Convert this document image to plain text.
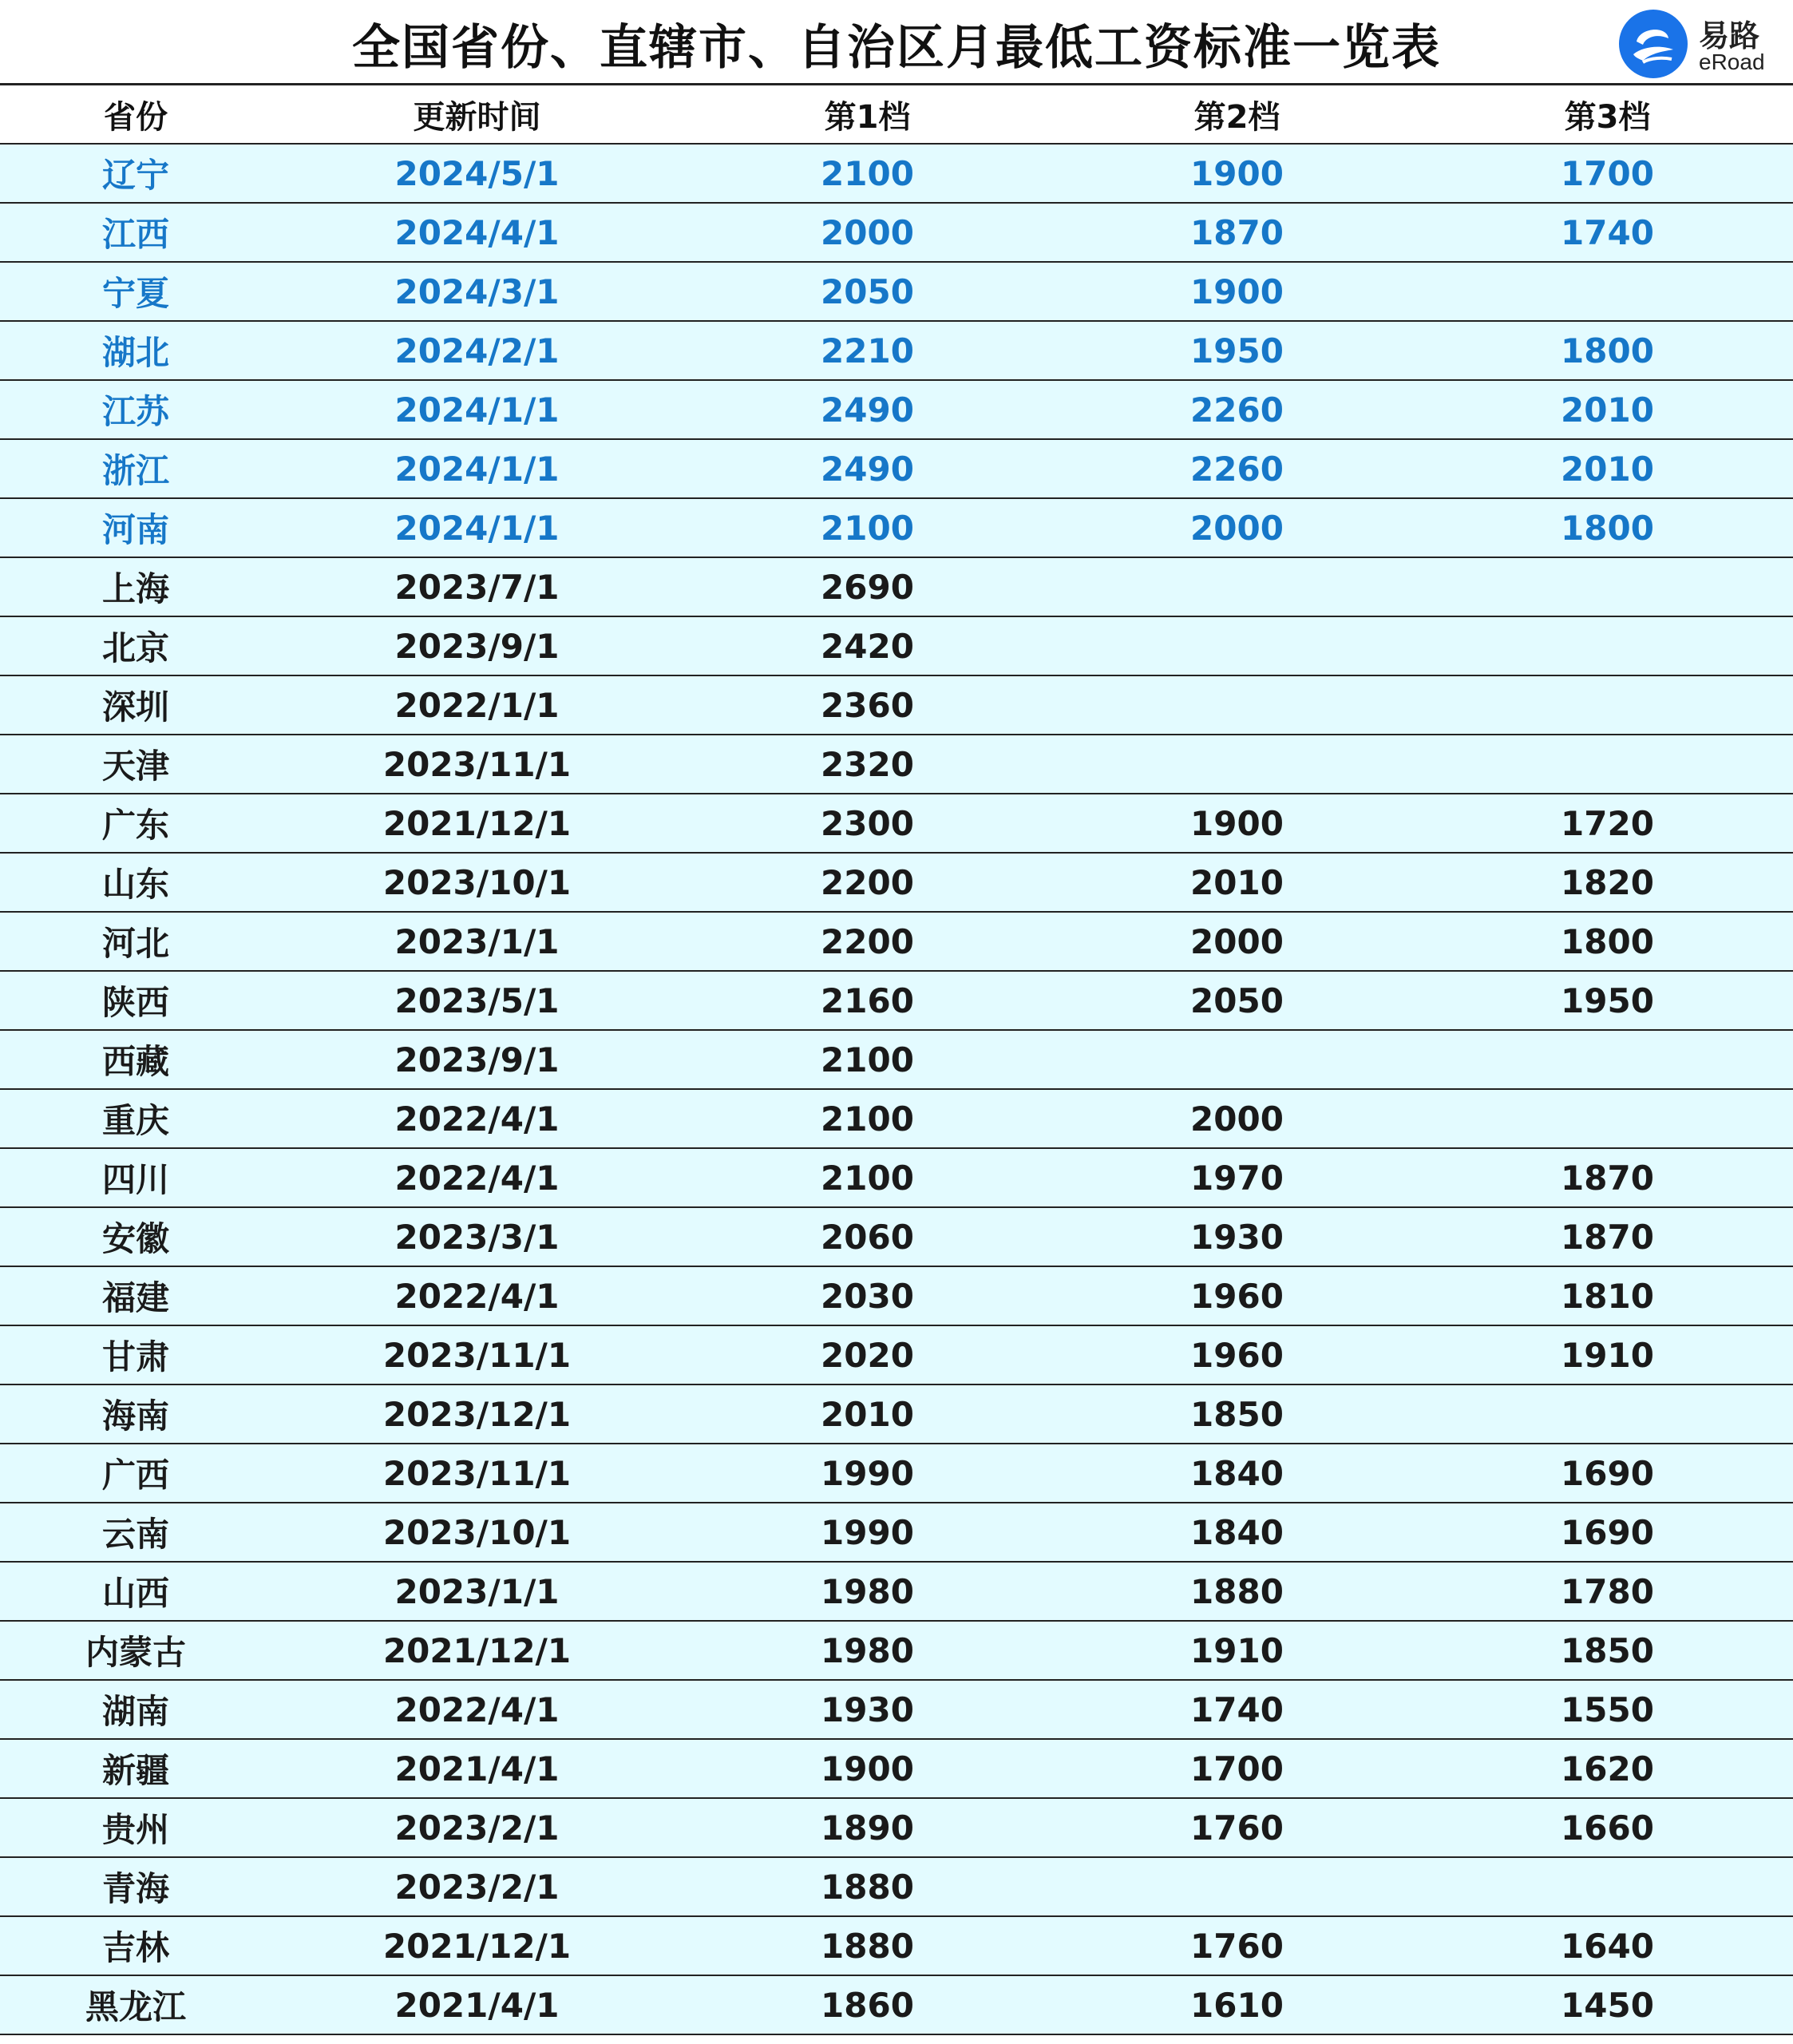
全国省份、直辖市、自治区月最低工资标准一览表	易路
eRoad
省份	更新时间	第1档	第2档	第3档
辽宁	2024/5/1	2100	1900	1700
江西	2024/4/1	2000	1870	1740
宁夏	2024/3/1	2050	1900	
湖北	2024/2/1	2210	1950	1800
江苏	2024/1/1	2490	2260	2010
浙江	2024/1/1	2490	2260	2010
河南	2024/1/1	2100	2000	1800
上海	2023/7/1	2690		
北京	2023/9/1	2420		
深圳	2022/1/1	2360		
天津	2023/11/1	2320		
广东	2021/12/1	2300	1900	1720
山东	2023/10/1	2200	2010	1820
河北	2023/1/1	2200	2000	1800
陕西	2023/5/1	2160	2050	1950
西藏	2023/9/1	2100		
重庆	2022/4/1	2100	2000	
四川	2022/4/1	2100	1970	1870
安徽	2023/3/1	2060	1930	1870
福建	2022/4/1	2030	1960	1810
甘肃	2023/11/1	2020	1960	1910
海南	2023/12/1	2010	1850	
广西	2023/11/1	1990	1840	1690
云南	2023/10/1	1990	1840	1690
山西	2023/1/1	1980	1880	1780
内蒙古	2021/12/1	1980	1910	1850
湖南	2022/4/1	1930	1740	1550
新疆	2021/4/1	1900	1700	1620
贵州	2023/2/1	1890	1760	1660
青海	2023/2/1	1880		
吉林	2021/12/1	1880	1760	1640
黑龙江	2021/4/1	1860	1610	1450
